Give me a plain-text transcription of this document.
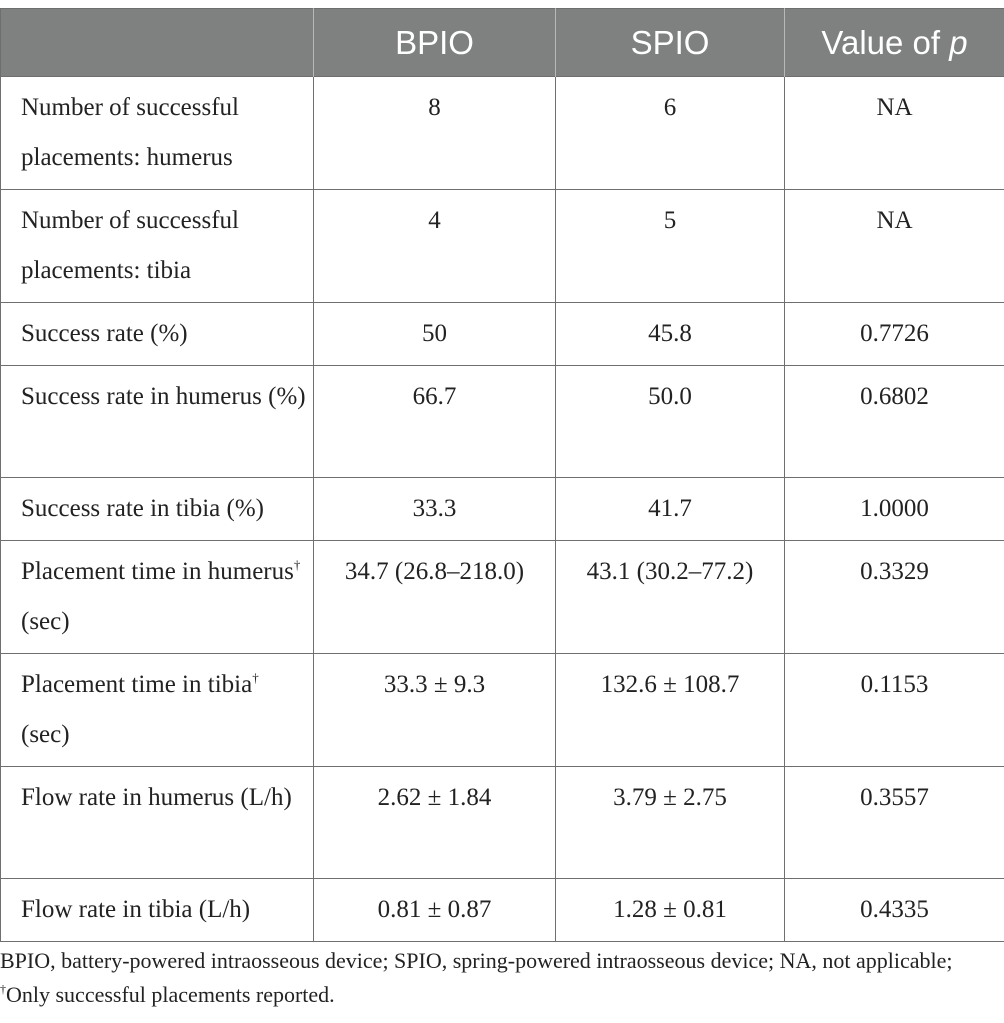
	BPIO	SPIO	Value of p
Number of successful placements: humerus	8	6	NA
Number of successful placements: tibia	4	5	NA
Success rate (%)	50	45.8	0.7726
Success rate in humerus (%)	66.7	50.0	0.6802
Success rate in tibia (%)	33.3	41.7	1.0000
Placement time in humerus† (sec)	34.7 (26.8–218.0)	43.1 (30.2–77.2)	0.3329
Placement time in tibia† (sec)	33.3 ± 9.3	132.6 ± 108.7	0.1153
Flow rate in humerus (L/h)	2.62 ± 1.84	3.79 ± 2.75	0.3557
Flow rate in tibia (L/h)	0.81 ± 0.87	1.28 ± 0.81	0.4335
BPIO, battery-powered intraosseous device; SPIO, spring-powered intraosseous device; NA, not applicable; †Only successful placements reported.
